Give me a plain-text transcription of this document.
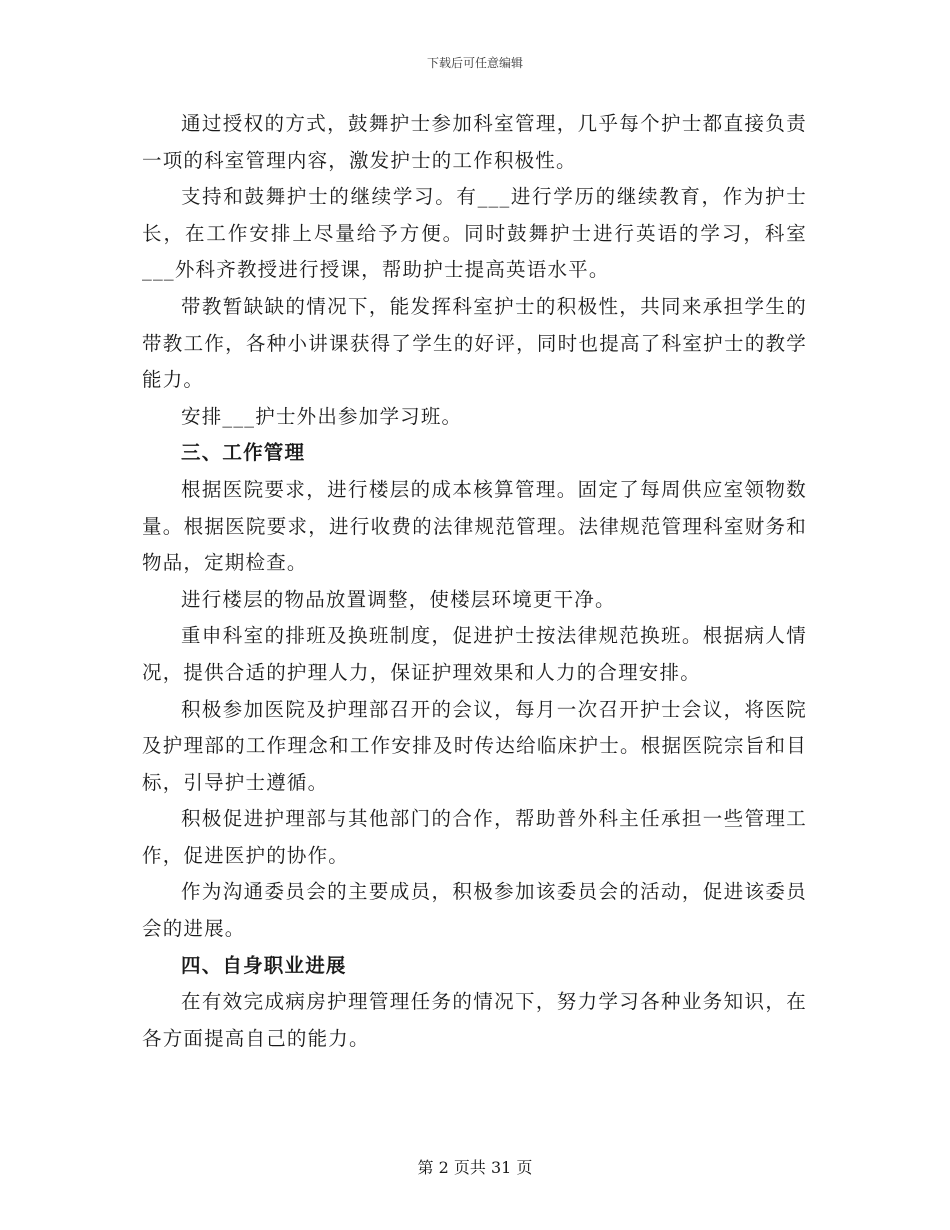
下载后可任意编辑

通过授权的方式，鼓舞护士参加科室管理，几乎每个护士都直接负责一项的科室管理内容，激发护士的工作积极性。

支持和鼓舞护士的继续学习。有___进行学历的继续教育，作为护士长，在工作安排上尽量给予方便。同时鼓舞护士进行英语的学习，科室___外科齐教授进行授课，帮助护士提高英语水平。

带教暂缺缺的情况下，能发挥科室护士的积极性，共同来承担学生的带教工作，各种小讲课获得了学生的好评，同时也提高了科室护士的教学能力。

安排___护士外出参加学习班。

三、工作管理

根据医院要求，进行楼层的成本核算管理。固定了每周供应室领物数量。根据医院要求，进行收费的法律规范管理。法律规范管理科室财务和物品，定期检查。

进行楼层的物品放置调整，使楼层环境更干净。

重申科室的排班及换班制度，促进护士按法律规范换班。根据病人情况，提供合适的护理人力，保证护理效果和人力的合理安排。

积极参加医院及护理部召开的会议，每月一次召开护士会议，将医院及护理部的工作理念和工作安排及时传达给临床护士。根据医院宗旨和目标，引导护士遵循。

积极促进护理部与其他部门的合作，帮助普外科主任承担一些管理工作，促进医护的协作。

作为沟通委员会的主要成员，积极参加该委员会的活动，促进该委员会的进展。

四、自身职业进展

在有效完成病房护理管理任务的情况下，努力学习各种业务知识，在各方面提高自己的能力。

第 2 页共 31 页
